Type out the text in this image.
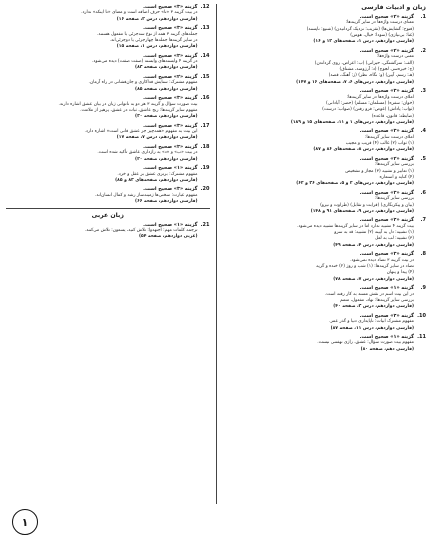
زبان و ادبیات فارسی
1.
گزینه «۲» صحیح است.
معنای درست واژه‌ها در سایر گزینه‌ها:
(فتوح: گشایش‌ها) (تقریب: نزدیک گردانیدن) (شنیع: ناپسند)
(غنا: بی‌نیازی) (سودا: خیال، هوس)
(فارسی دوازدهم، درس ۱، صفحه‌های ۱۲ و ۱۶)
2.
گزینه «۲» صحیح است.
معنی درست واژه‌ها:
(الف: سرگشتگی، حیرانی) (ب: اعراض، روی گرداندن)
(ج: خیره‌سر، لجوج) (د: آرزومند، مشتاق)
(هـ: رسم، آیین) (و: نگاه، نظر) (ز: آهنگ، قصد)
(فارسی دوازدهم، درس‌های ۶، ۷، صفحه‌های ۱۶ و ۱۴۷)
3.
گزینه «۳» صحیح است.
املای درست واژه‌ها در سایر گزینه‌ها:
(خوان: سفره) (مسلمان: مسلم) (حضر: آبادانی)
(ثواب: پاداش) (غوص: فرو رفتن) (صواب: درست)
(ضابطه: قانون، قاعده)
(فارسی دوازدهم، درس‌های ۱ و ۱۱، صفحه‌های ۱۵ و ۱۸۹)
4.
گزینه «۳» صحیح است.
املای درست سایر گزینه‌ها:
(۱) ثواب (۲) غالب (۴) قریب و مجیب
(فارسی دوازدهم، درس ۸، صفحه‌های ۸۶ و ۸۷)
5.
گزینه «۲» صحیح است.
بررسی سایر گزینه‌ها:
(۱) تعابیر و تشبیه (۳) مجاز و تشخیص
(۴) کنایه و استعاره
(فارسی دوازدهم، درس‌های ۲ و ۵، صفحه‌های ۳۶ و ۶۲)
6.
گزینه «۳» صحیح است.
بررسی سایر گزینه‌ها:
(بیان و پیکرنگاری) (قرابت و تقابل) (طراوت و نیرو)
(فارسی دوازدهم، درس ۹، صفحه‌های ۹۱ و ۱۴۸)
7.
گزینه «۴» صحیح است.
بیت گزینه ۴ تشبیه ندارد اما در سایر گزینه‌ها تشبیه دیده می‌شود.
(۱) تشبیه: دل به آیینه (۲) تشبیه: قد به سرو
(۳) تشبیه: لب به لعل
(فارسی دوازدهم، درس ۴، صفحه ۴۹)
8.
گزینه «۳» صحیح است.
در بیت گزینه ۳ تضاد دیده نمی‌شود.
تضاد در سایر گزینه‌ها: (۱) شب و روز (۲) خنده و گریه
(۴) پیدا و پنهان
(فارسی دوازدهم، درس ۷، صفحه ۷۸)
9.
گزینه «۱» صحیح است.
در این بیت اسم در نقش مسند به کار رفته است.
بررسی سایر گزینه‌ها: نهاد، مفعول، متمم
(فارسی دوازدهم، درس ۳، صفحه ۴۰)
10.
گزینه «۴» صحیح است.
مفهوم مشترک ابیات: ناپایداری دنیا و گذر عمر.
(فارسی دوازدهم، درس ۱۱، صفحه ۸۷)
11.
گزینه «۱» صحیح است.
مفهوم بیت صورت سؤال: عشق، رازی نهفتنی نیست.
(فارسی دهم، صفحه ۸۰)
12.
گزینه «۳» صحیح است.
در بیت گزینه ۳ «تا» حرف اضافه است و معنای «تا اینکه» ندارد.
(فارسی دوازدهم، درس ۲، صفحه ۱۶)
13.
گزینه «۳» صحیح است.
جمله‌های گزینه ۳ همه از نوع سه‌جزئی با مفعول هستند.
در سایر گزینه‌ها جمله‌ها چهارجزئی یا دوجزئی‌اند.
(فارسی دوازدهم، درس ۱، صفحه ۱۵)
14.
گزینه «۴» صحیح است.
در گزینه ۴ وابسته‌های وابسته (صفت صفت) دیده می‌شود.
(فارسی دوازدهم، صفحه ۸۳)
15.
گزینه «۲» صحیح است.
مفهوم مشترک: ستایش فداکاری و جان‌فشانی در راه آرمان.
(فارسی دوازدهم، صفحه ۸۵)
16.
گزینه «۳» صحیح است.
بیت صورت سؤال و گزینه ۳ هر دو به ناتوانی زبان در بیان عشق اشاره دارند.
مفهوم سایر گزینه‌ها: رنج عاشق، ثبات در عشق، پرهیز از ملامت.
(فارسی دوازدهم، صفحه ۳۰)
17.
گزینه «۳» صحیح است.
این بیت به مفهوم «همه‌چیز جز عشق فانی است» اشاره دارد.
(فارسی دوازدهم، درس ۷، صفحه ۱۷)
18.
گزینه «۴» صحیح است.
در بیت «ب» و «د» به رازداری عاشق تأکید شده است.
(فارسی دوازدهم، صفحه ۲۰)
19.
گزینه «۱» صحیح است.
مفهوم مشترک: برتری عشق بر عقل و خرد.
(فارسی دوازدهم، صفحه‌های ۸۳ و ۸۵)
20.
گزینه «۳» صحیح است.
مفهوم عبارت: سختی‌ها زمینه‌ساز رشد و کمال انسان‌اند.
(فارسی دوازدهم، صفحه ۶۶)
زبان عربی
21.
گزینه «۱» صحیح است.
ترجمه کلمات مهم: اجتهدوا: تلاش کنید، یسعون: تلاش می‌کنند.
(عربی دوازدهم، صفحه ۵۴)
۱
